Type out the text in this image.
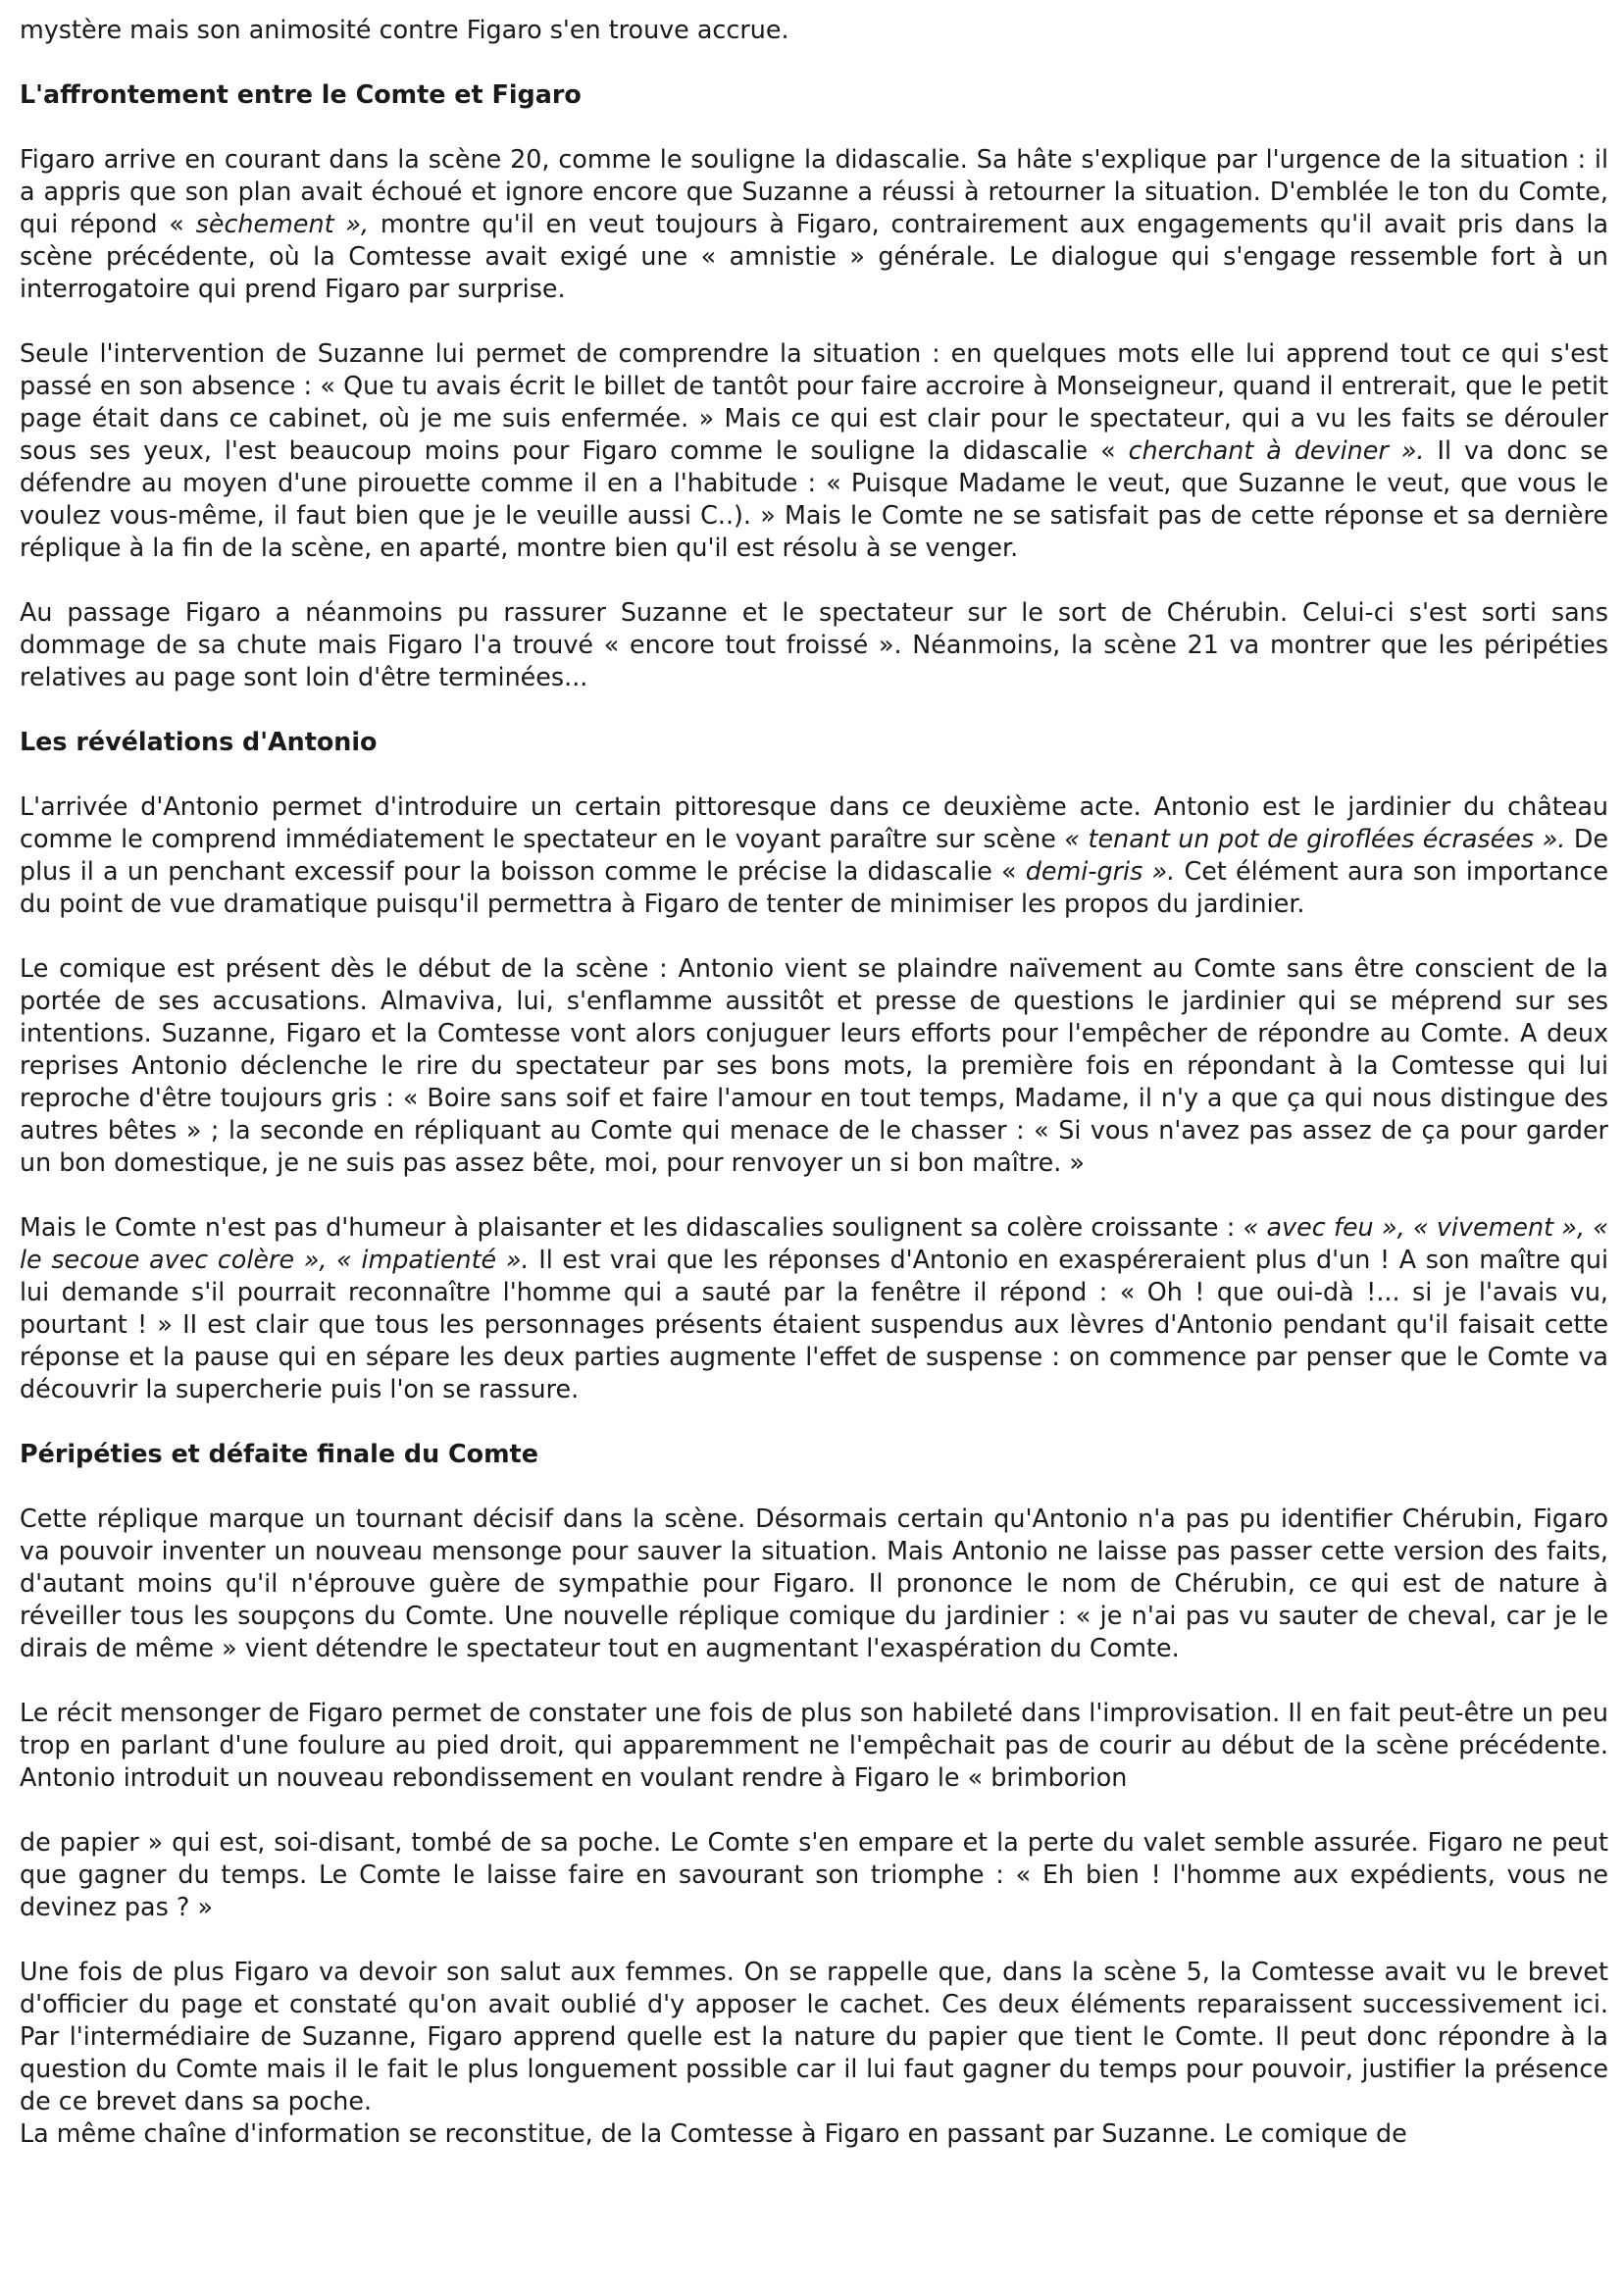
mystère mais son animosité contre Figaro s'en trouve accrue.

L'affrontement entre le Comte et Figaro

Figaro arrive en courant dans la scène 20, comme le souligne la didascalie. Sa hâte s'explique par l'urgence de la situation : il a appris que son plan avait échoué et ignore encore que Suzanne a réussi à retourner la situation. D'emblée le ton du Comte, qui répond « sèchement », montre qu'il en veut toujours à Figaro, contrairement aux engagements qu'il avait pris dans la scène précédente, où la Comtesse avait exigé une « amnistie » générale. Le dialogue qui s'engage ressemble fort à un interrogatoire qui prend Figaro par surprise.

Seule l'intervention de Suzanne lui permet de comprendre la situation : en quelques mots elle lui apprend tout ce qui s'est passé en son absence : « Que tu avais écrit le billet de tantôt pour faire accroire à Monseigneur, quand il entrerait, que le petit page était dans ce cabinet, où je me suis enfermée. » Mais ce qui est clair pour le spectateur, qui a vu les faits se dérouler sous ses yeux, l'est beaucoup moins pour Figaro comme le souligne la didascalie « cherchant à deviner ». Il va donc se défendre au moyen d'une pirouette comme il en a l'habitude : « Puisque Madame le veut, que Suzanne le veut, que vous le voulez vous-même, il faut bien que je le veuille aussi C..). » Mais le Comte ne se satisfait pas de cette réponse et sa dernière réplique à la fin de la scène, en aparté, montre bien qu'il est résolu à se venger.

Au passage Figaro a néanmoins pu rassurer Suzanne et le spectateur sur le sort de Chérubin. Celui-ci s'est sorti sans dommage de sa chute mais Figaro l'a trouvé « encore tout froissé ». Néanmoins, la scène 21 va montrer que les péripéties relatives au page sont loin d'être terminées...

Les révélations d'Antonio

L'arrivée d'Antonio permet d'introduire un certain pittoresque dans ce deuxième acte. Antonio est le jardinier du château comme le comprend immédiatement le spectateur en le voyant paraître sur scène « tenant un pot de giroflées écrasées ». De plus il a un penchant excessif pour la boisson comme le précise la didascalie « demi-gris ». Cet élément aura son importance du point de vue dramatique puisqu'il permettra à Figaro de tenter de minimiser les propos du jardinier.

Le comique est présent dès le début de la scène : Antonio vient se plaindre naïvement au Comte sans être conscient de la portée de ses accusations. Almaviva, lui, s'enflamme aussitôt et presse de questions le jardinier qui se méprend sur ses intentions. Suzanne, Figaro et la Comtesse vont alors conjuguer leurs efforts pour l'empêcher de répondre au Comte. A deux reprises Antonio déclenche le rire du spectateur par ses bons mots, la première fois en répondant à la Comtesse qui lui reproche d'être toujours gris : « Boire sans soif et faire l'amour en tout temps, Madame, il n'y a que ça qui nous distingue des autres bêtes » ; la seconde en répliquant au Comte qui menace de le chasser : « Si vous n'avez pas assez de ça pour garder un bon domestique, je ne suis pas assez bête, moi, pour renvoyer un si bon maître. »

Mais le Comte n'est pas d'humeur à plaisanter et les didascalies soulignent sa colère croissante : « avec feu », « vivement », « le secoue avec colère », « impatienté ». Il est vrai que les réponses d'Antonio en exaspéreraient plus d'un ! A son maître qui lui demande s'il pourrait reconnaître l'homme qui a sauté par la fenêtre il répond : « Oh ! que oui-dà !... si je l'avais vu, pourtant ! » II est clair que tous les personnages présents étaient suspendus aux lèvres d'Antonio pendant qu'il faisait cette réponse et la pause qui en sépare les deux parties augmente l'effet de suspense : on commence par penser que le Comte va découvrir la supercherie puis l'on se rassure.

Péripéties et défaite finale du Comte

Cette réplique marque un tournant décisif dans la scène. Désormais certain qu'Antonio n'a pas pu identifier Chérubin, Figaro va pouvoir inventer un nouveau mensonge pour sauver la situation. Mais Antonio ne laisse pas passer cette version des faits, d'autant moins qu'il n'éprouve guère de sympathie pour Figaro. Il prononce le nom de Chérubin, ce qui est de nature à réveiller tous les soupçons du Comte. Une nouvelle réplique comique du jardinier : « je n'ai pas vu sauter de cheval, car je le dirais de même » vient détendre le spectateur tout en augmentant l'exaspération du Comte.

Le récit mensonger de Figaro permet de constater une fois de plus son habileté dans l'improvisation. Il en fait peut-être un peu trop en parlant d'une foulure au pied droit, qui apparemment ne l'empêchait pas de courir au début de la scène précédente. Antonio introduit un nouveau rebondissement en voulant rendre à Figaro le « brimborion

de papier » qui est, soi-disant, tombé de sa poche. Le Comte s'en empare et la perte du valet semble assurée. Figaro ne peut que gagner du temps. Le Comte le laisse faire en savourant son triomphe : « Eh bien ! l'homme aux expédients, vous ne devinez pas ? »

Une fois de plus Figaro va devoir son salut aux femmes. On se rappelle que, dans la scène 5, la Comtesse avait vu le brevet d'officier du page et constaté qu'on avait oublié d'y apposer le cachet. Ces deux éléments reparaissent successivement ici. Par l'intermédiaire de Suzanne, Figaro apprend quelle est la nature du papier que tient le Comte. Il peut donc répondre à la question du Comte mais il le fait le plus longuement possible car il lui faut gagner du temps pour pouvoir, justifier la présence de ce brevet dans sa poche.

La même chaîne d'information se reconstitue, de la Comtesse à Figaro en passant par Suzanne. Le comique de
